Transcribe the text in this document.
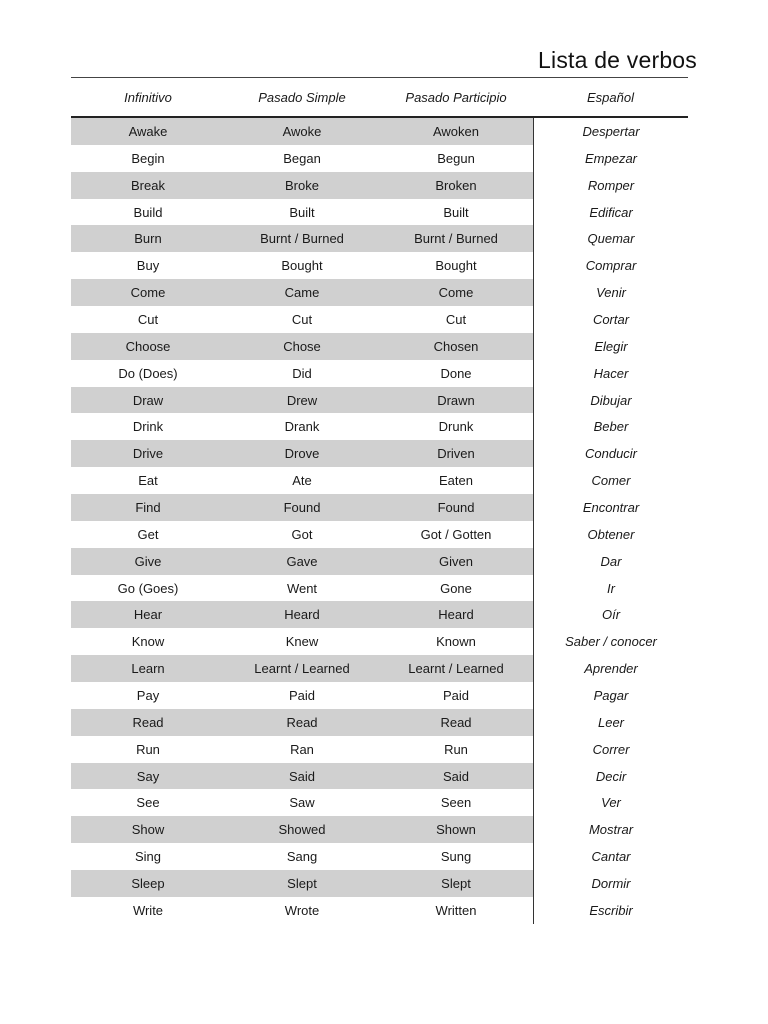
Lista de verbos
Infinitivo	Pasado Simple	Pasado Participio	Español
Awake	Awoke	Awoken	Despertar
Begin	Began	Begun	Empezar
Break	Broke	Broken	Romper
Build	Built	Built	Edificar
Burn	Burnt / Burned	Burnt / Burned	Quemar
Buy	Bought	Bought	Comprar
Come	Came	Come	Venir
Cut	Cut	Cut	Cortar
Choose	Chose	Chosen	Elegir
Do (Does)	Did	Done	Hacer
Draw	Drew	Drawn	Dibujar
Drink	Drank	Drunk	Beber
Drive	Drove	Driven	Conducir
Eat	Ate	Eaten	Comer
Find	Found	Found	Encontrar
Get	Got	Got / Gotten	Obtener
Give	Gave	Given	Dar
Go (Goes)	Went	Gone	Ir
Hear	Heard	Heard	Oír
Know	Knew	Known	Saber / conocer
Learn	Learnt / Learned	Learnt / Learned	Aprender
Pay	Paid	Paid	Pagar
Read	Read	Read	Leer
Run	Ran	Run	Correr
Say	Said	Said	Decir
See	Saw	Seen	Ver
Show	Showed	Shown	Mostrar
Sing	Sang	Sung	Cantar
Sleep	Slept	Slept	Dormir
Write	Wrote	Written	Escribir
